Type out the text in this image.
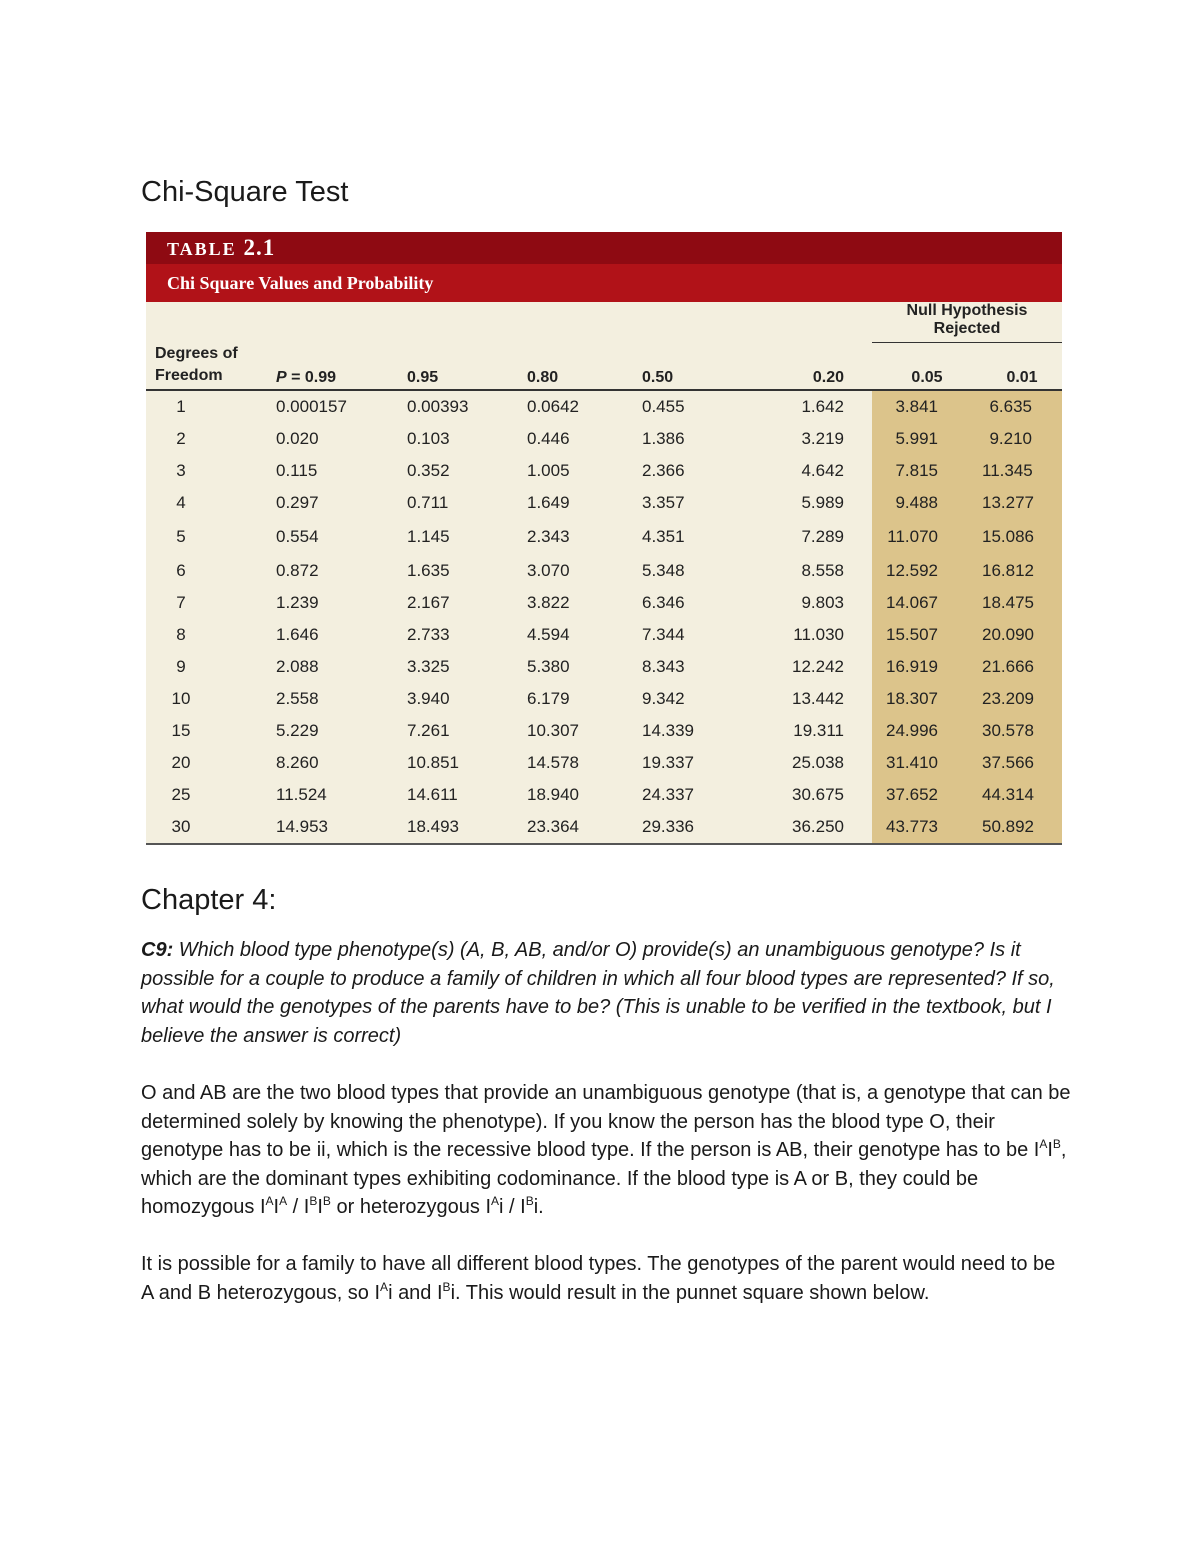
Chi-Square Test
TABLE 2.1
Chi Square Values and Probability
						Null Hypothesis Rejected	
Degrees of
Freedom	P = 0.99	0.95	0.80	0.50	0.20	0.05	0.01
1	0.000157	0.00393	0.0642	0.455	1.642	3.841	6.635
2	0.020	0.103	0.446	1.386	3.219	5.991	9.210
3	0.115	0.352	1.005	2.366	4.642	7.815	11.345
4	0.297	0.711	1.649	3.357	5.989	9.488	13.277
5	0.554	1.145	2.343	4.351	7.289	11.070	15.086
6	0.872	1.635	3.070	5.348	8.558	12.592	16.812
7	1.239	2.167	3.822	6.346	9.803	14.067	18.475
8	1.646	2.733	4.594	7.344	11.030	15.507	20.090
9	2.088	3.325	5.380	8.343	12.242	16.919	21.666
10	2.558	3.940	6.179	9.342	13.442	18.307	23.209
15	5.229	7.261	10.307	14.339	19.311	24.996	30.578
20	8.260	10.851	14.578	19.337	25.038	31.410	37.566
25	11.524	14.611	18.940	24.337	30.675	37.652	44.314
30	14.953	18.493	23.364	29.336	36.250	43.773	50.892
Chapter 4:

C9: Which blood type phenotype(s) (A, B, AB, and/or O) provide(s) an unambiguous genotype? Is it possible for a couple to produce a family of children in which all four blood types are represented? If so, what would the genotypes of the parents have to be? (This is unable to be verified in the textbook, but I believe the answer is correct)

O and AB are the two blood types that provide an unambiguous genotype (that is, a genotype that can be determined solely by knowing the phenotype). If you know the person has the blood type O, their genotype has to be ii, which is the recessive blood type. If the person is AB, their genotype has to be $I^AI^B$, which are the dominant types exhibiting codominance. If the blood type is A or B, they could be homozygous $I^AI^A / I^BI^B$ or heterozygous $I^Ai / I^Bi$.

It is possible for a family to have all different blood types. The genotypes of the parent would need to be A and B heterozygous, so $I^Ai$ and $I^Bi$. This would result in the punnet square shown below.
